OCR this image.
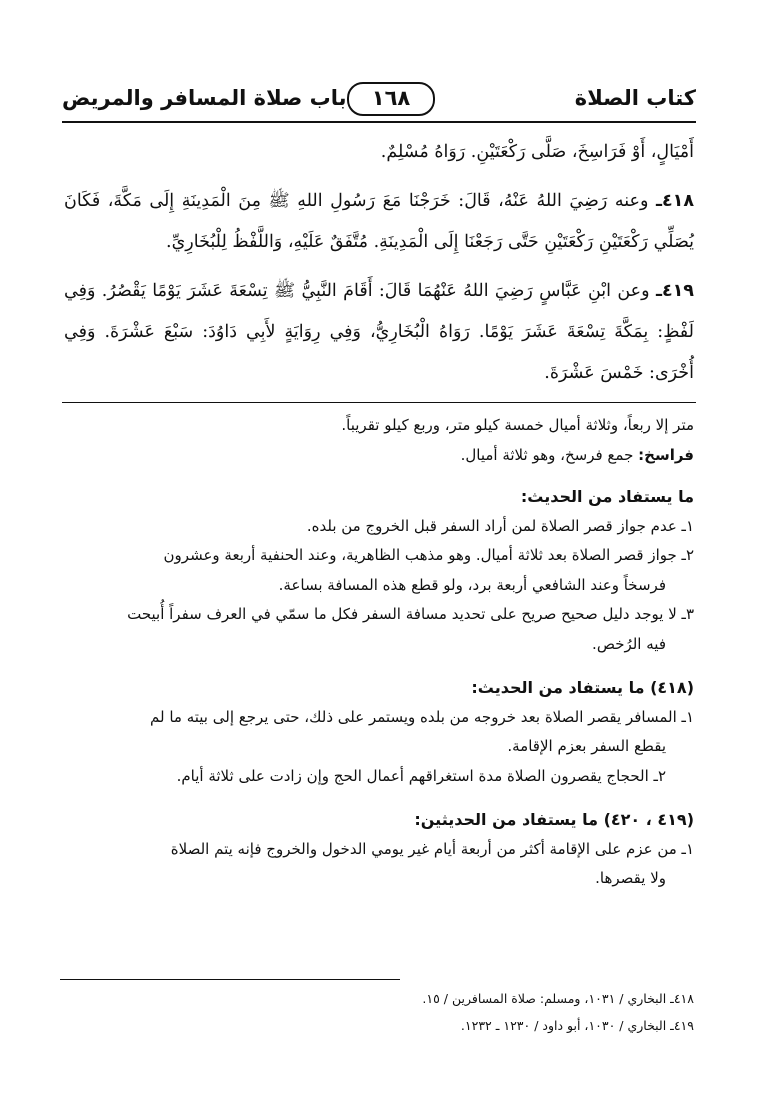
كتاب الصلاة
١٦٨
باب صلاة المسافر والمريض

أَمْيَالٍ، أَوْ فَرَاسِخَ، صَلَّى رَكْعَتَيْنِ. رَوَاهُ مُسْلِمٌ.

٤١٨ـ وعنه رَضِيَ اللهُ عَنْهُ، قَالَ: خَرَجْنَا مَعَ رَسُولِ اللهِ ﷺ مِنَ الْمَدِينَةِ إِلَى مَكَّةَ، فَكَانَ يُصَلِّي رَكْعَتَيْنِ رَكْعَتَيْنِ حَتَّى رَجَعْنَا إِلَى الْمَدِينَةِ. مُتَّفَقٌ عَلَيْهِ، وَاللَّفْظُ لِلْبُخَارِيِّ.

٤١٩ـ وعن ابْنِ عَبَّاسٍ رَضِيَ اللهُ عَنْهُمَا قَالَ: أَقَامَ النَّبِيُّ ﷺ تِسْعَةَ عَشَرَ يَوْمًا يَقْصُرُ. وَفِي لَفْظٍ: بِمَكَّةَ تِسْعَةَ عَشَرَ يَوْمًا. رَوَاهُ الْبُخَارِيُّ، وَفِي رِوَايَةٍ لأَبِي دَاوُدَ: سَبْعَ عَشْرَةَ. وَفِي أُخْرَى: خَمْسَ عَشْرَةَ.

متر إلا ربعاً، وثلاثة أميال خمسة كيلو متر، وربع كيلو تقريباً.

فراسخ: جمع فرسخ، وهو ثلاثة أميال.

ما يستفاد من الحديث:

١ـ عدم جواز قصر الصلاة لمن أراد السفر قبل الخروج من بلده.

٢ـ جواز قصر الصلاة بعد ثلاثة أميال. وهو مذهب الظاهرية، وعند الحنفية أربعة وعشرون

فرسخاً وعند الشافعي أربعة برد، ولو قطع هذه المسافة بساعة.

٣ـ لا يوجد دليل صحيح صريح على تحديد مسافة السفر فكل ما سمّي في العرف سفراً أُبيحت

فيه الرُخص.

(٤١٨) ما يستفاد من الحديث:

١ـ المسافر يقصر الصلاة بعد خروجه من بلده ويستمر على ذلك، حتى يرجع إلى بيته ما لم

يقطع السفر بعزم الإقامة.

٢ـ الحجاج يقصرون الصلاة مدة استغراقهم أعمال الحج وإن زادت على ثلاثة أيام.

(٤١٩ ، ٤٢٠) ما يستفاد من الحديثين:

١ـ من عزم على الإقامة أكثر من أربعة أيام غير يومي الدخول والخروج فإنه يتم الصلاة

ولا يقصرها.

٤١٨ـ البخاري / ١٠٣١، ومسلم: صلاة المسافرين / ١٥.

٤١٩ـ البخاري / ١٠٣٠، أبو داود / ١٢٣٠ ـ ١٢٣٢.
